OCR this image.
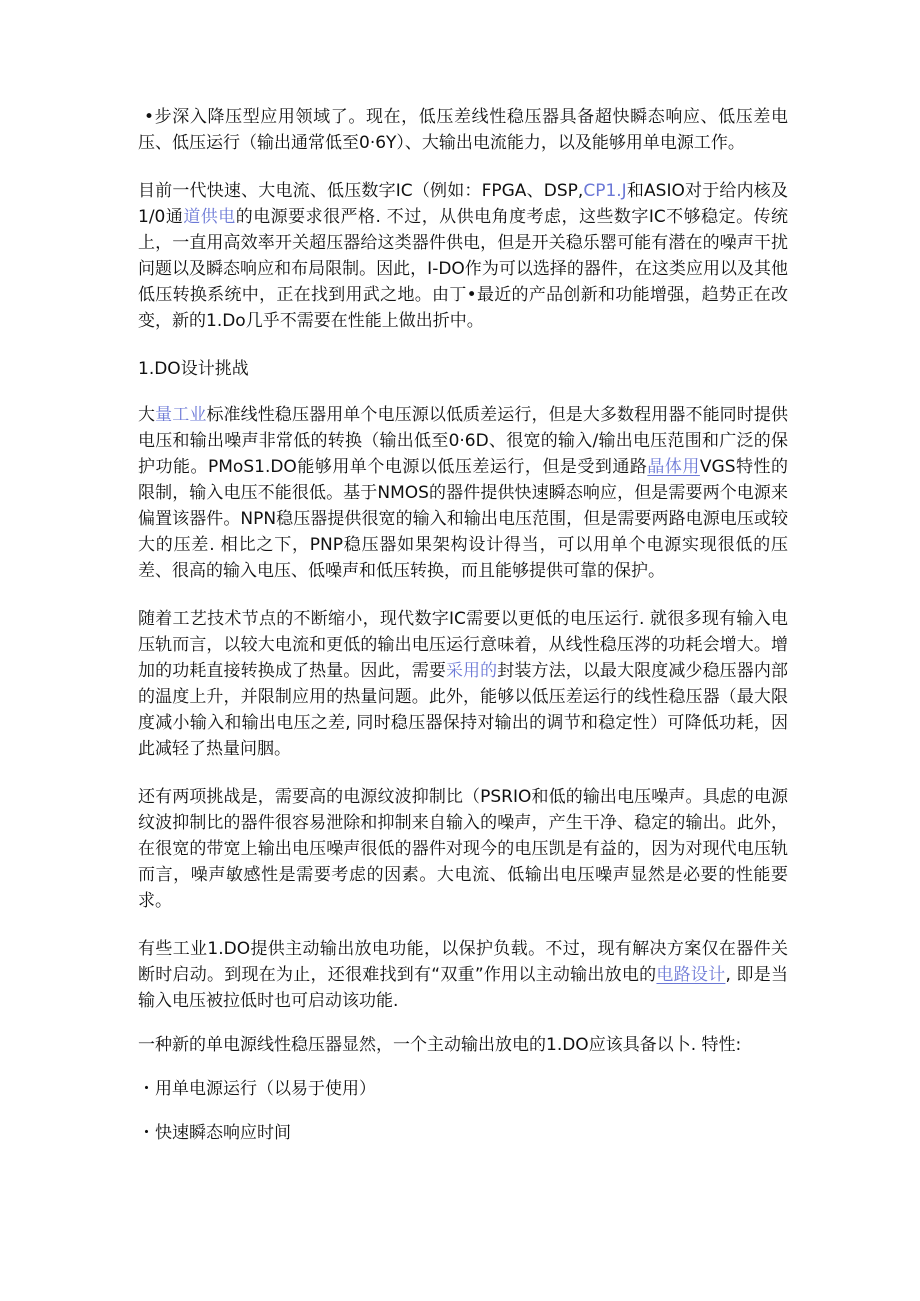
•步深入降压型应用领域了。现在，低压差线性稳压器具备超快瞬态响应、低压差电压、低压运行（输出通常低至0·6Y）、大输出电流能力，以及能够用单电源工作。

目前一代快速、大电流、低压数字IC（例如：FPGA、DSP,CP1.J和ASIO对于给内核及1/0通道供电的电源要求很严格. 不过，从供电角度考虑，这些数字IC不够稳定。传统上，一直用高效率开关超压器给这类器件供电，但是开关稳乐罂可能有潜在的噪声干扰问题以及瞬态响应和布局限制。因此，I-DO作为可以选择的器件，在这类应用以及其他低压转换系统中，正在找到用武之地。由丁•最近的产品创新和功能增强，趋势正在改变，新的1.Do几乎不需要在性能上做出折中。

1.DO设计挑战

大量工业标准线性稳压器用单个电压源以低质差运行，但是大多数程用器不能同时提供电压和输出噪声非常低的转换（输出低至0·6D、很宽的输入/输出电压范围和广泛的保护功能。PMoS1.DO能够用单个电源以低压差运行，但是受到通路晶体用VGS特性的限制，输入电压不能很低。基于NMOS的器件提供快速瞬态响应，但是需要两个电源来偏置该器件。NPN稳压器提供很宽的输入和输出电压范围，但是需要两路电源电压或较大的压差. 相比之下，PNP稳压器如果架构设计得当，可以用单个电源实现很低的压差、很高的输入电压、低噪声和低压转换，而且能够提供可靠的保护。

随着工艺技术节点的不断缩小，现代数字IC需要以更低的电压运行. 就很多现有输入电压轨而言，以较大电流和更低的输出电压运行意味着，从线性稳压涔的功耗会增大。增加的功耗直接转换成了热量。因此，需要采用的封装方法，以最大限度减少稳压器内部的温度上升，并限制应用的热量问题。此外，能够以低压差运行的线性稳压器（最大限度减小输入和输出电压之差, 同时稳压器保持对输出的调节和稳定性）可降低功耗，因此减轻了热量问胭。

还有两项挑战是，需要高的电源纹波抑制比（PSRIO和低的输出电压噪声。具虑的电源纹波抑制比的器件很容易泄除和抑制来自输入的噪声，产生干净、稳定的输出。此外，在很宽的带宽上输出电压噪声很低的器件对现今的电压凯是有益的，因为对现代电压轨而言，噪声敏感性是需要考虑的因素。大电流、低输出电压噪声显然是必要的性能要求。

有些工业1.DO提供主动输出放电功能，以保护负载。不过，现有解决方案仅在器件关断时启动。到现在为止，还很难找到有“双重”作用以主动输出放电的电路设计, 即是当输入电压被拉低时也可启动该功能.

一种新的单电源线性稳压器显然，一个主动输出放电的1.DO应该具备以卜. 特性:

・用单电源运行（以易于使用）

・快速瞬态响应时间
